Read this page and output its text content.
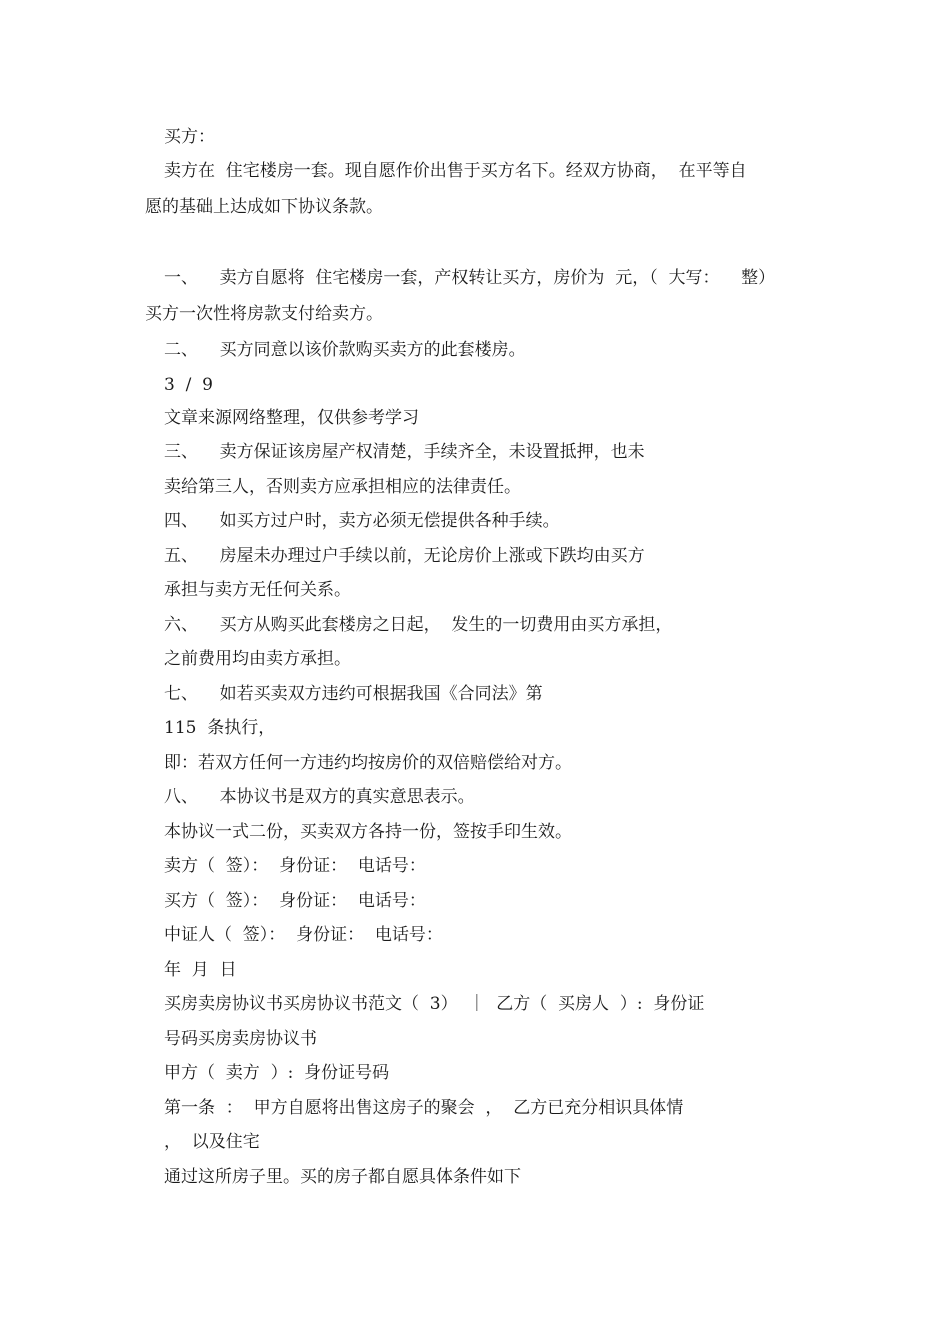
买方：
卖方在  住宅楼房一套。现自愿作价出售于买方名下。经双方协商，  在平等自
愿的基础上达成如下协议条款。
一、    卖方自愿将  住宅楼房一套，产权转让买方，房价为  元，（  大写：    整）
买方一次性将房款支付给卖方。
二、    买方同意以该价款购买卖方的此套楼房。
3  /  9
文章来源网络整理，仅供参考学习
三、    卖方保证该房屋产权清楚，手续齐全，未设置抵押，也未
卖给第三人，否则卖方应承担相应的法律责任。
四、    如买方过户时，卖方必须无偿提供各种手续。
五、    房屋未办理过户手续以前，无论房价上涨或下跌均由买方
承担与卖方无任何关系。
六、    买方从购买此套楼房之日起，  发生的一切费用由买方承担，
之前费用均由卖方承担。
七、    如若买卖双方违约可根据我国《合同法》第
115  条执行，
即：若双方任何一方违约均按房价的双倍赔偿给对方。
八、    本协议书是双方的真实意思表示。
本协议一式二份，买卖双方各持一份，签按手印生效。
卖方（  签）：  身份证：  电话号：
买方（  签）：  身份证：  电话号：
中证人（  签）：  身份证：  电话号：
年  月  日
买房卖房协议书买房协议书范文（  3）  ｜  乙方（  买房人  ）:  身份证
号码买房卖房协议书
甲方（  卖方  ）:  身份证号码
第一条  ：  甲方自愿将出售这房子的聚会  ，  乙方已充分相识具体情
，  以及住宅
通过这所房子里。买的房子都自愿具体条件如下
